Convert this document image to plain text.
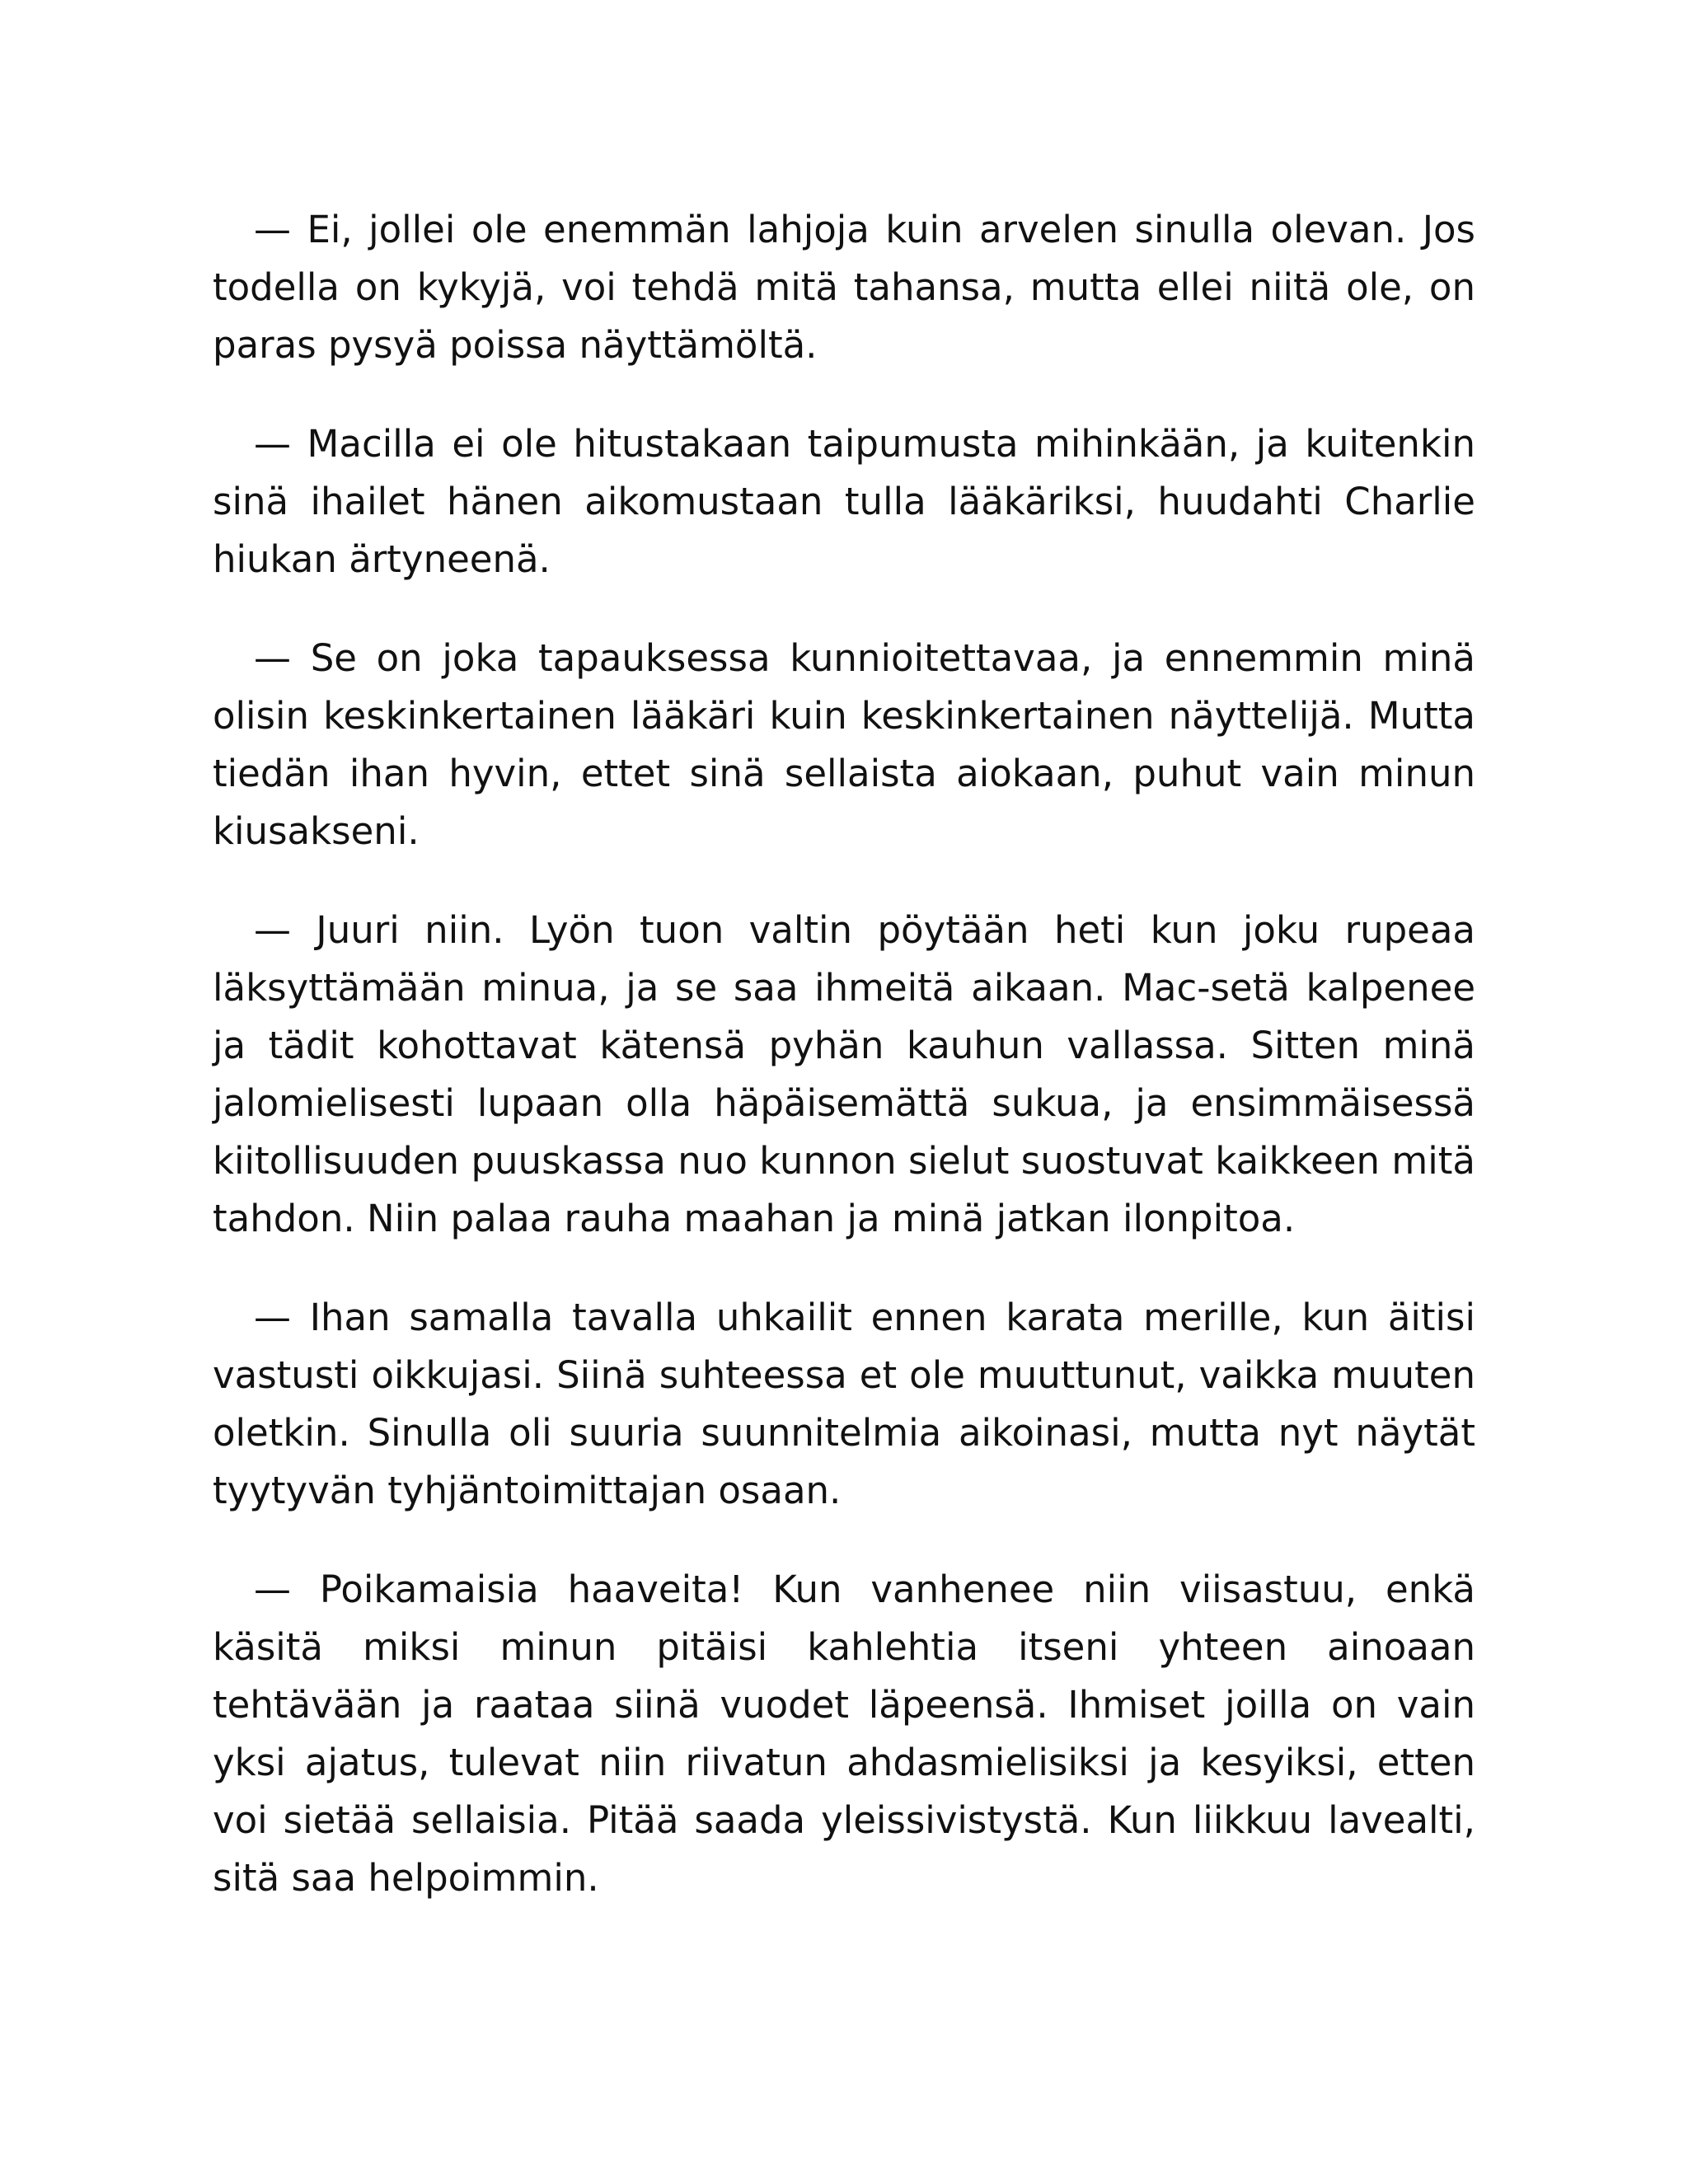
— Ei, jollei ole enemmän lahjoja kuin arvelen sinulla olevan. Jos todella on kykyjä, voi tehdä mitä tahansa, mutta ellei niitä ole, on paras pysyä poissa näyttämöltä.

— Macilla ei ole hitustakaan taipumusta mihinkään, ja kuitenkin sinä ihailet hänen aikomustaan tulla lääkäriksi, huudahti Charlie hiukan ärtyneenä.

— Se on joka tapauksessa kunnioitettavaa, ja ennemmin minä olisin keskinkertainen lääkäri kuin keskinkertainen näyttelijä. Mutta tiedän ihan hyvin, ettet sinä sellaista aiokaan, puhut vain minun kiusakseni.

— Juuri niin. Lyön tuon valtin pöytään heti kun joku rupeaa läksyttämään minua, ja se saa ihmeitä aikaan. Mac-setä kalpenee ja tädit kohottavat kätensä pyhän kauhun vallassa. Sitten minä jalomielisesti lupaan olla häpäisemättä sukua, ja ensimmäisessä kiitollisuuden puuskassa nuo kunnon sielut suostuvat kaikkeen mitä tahdon. Niin palaa rauha maahan ja minä jatkan ilonpitoa.

— Ihan samalla tavalla uhkailit ennen karata merille, kun äitisi vastusti oikkujasi. Siinä suhteessa et ole muuttunut, vaikka muuten oletkin. Sinulla oli suuria suunnitelmia aikoinasi, mutta nyt näytät tyytyvän tyhjäntoimittajan osaan.

— Poikamaisia haaveita! Kun vanhenee niin viisastuu, enkä käsitä miksi minun pitäisi kahlehtia itseni yhteen ainoaan tehtävään ja raataa siinä vuodet läpeensä. Ihmiset joilla on vain yksi ajatus, tulevat niin riivatun ahdasmielisiksi ja kesyiksi, etten voi sietää sellaisia. Pitää saada yleissivistystä. Kun liikkuu lavealti, sitä saa helpoimmin.
